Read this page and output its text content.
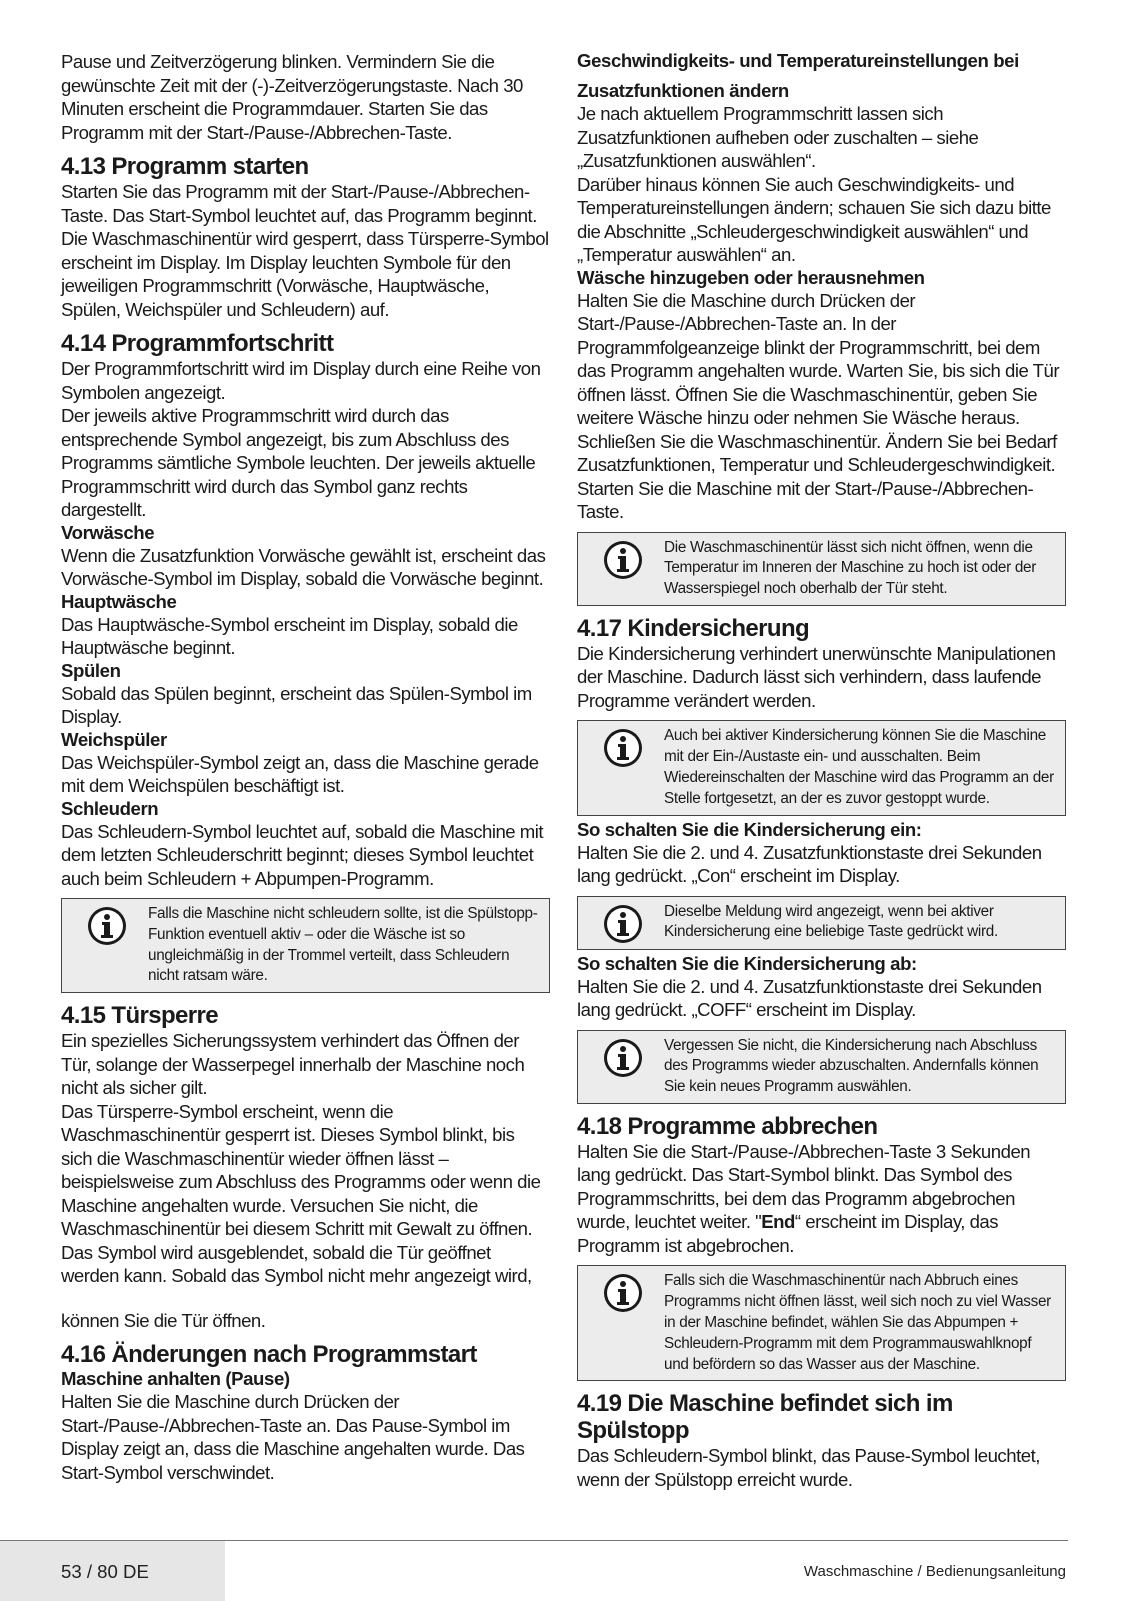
Pause und Zeitverzögerung blinken. Vermindern Sie die gewünschte Zeit mit der (-)-Zeitverzögerungstaste. Nach 30 Minuten erscheint die Programmdauer. Starten Sie das Programm mit der Start-/Pause-/Abbrechen-Taste.

4.13 Programm starten

Starten Sie das Programm mit der Start-/Pause-/Abbrechen-Taste. Das Start-Symbol leuchtet auf, das Programm beginnt. Die Waschmaschinentür wird gesperrt, dass Türsperre-Symbol erscheint im Display. Im Display leuchten Symbole für den jeweiligen Programmschritt (Vorwäsche, Hauptwäsche, Spülen, Weichspüler und Schleudern) auf.

4.14 Programmfortschritt

Der Programmfortschritt wird im Display durch eine Reihe von Symbolen angezeigt.

Der jeweils aktive Programmschritt wird durch das entsprechende Symbol angezeigt, bis zum Abschluss des Programms sämtliche Symbole leuchten. Der jeweils aktuelle Programmschritt wird durch das Symbol ganz rechts dargestellt.

Vorwäsche

Wenn die Zusatzfunktion Vorwäsche gewählt ist, erscheint das Vorwäsche-Symbol im Display, sobald die Vorwäsche beginnt.

Hauptwäsche

Das Hauptwäsche-Symbol erscheint im Display, sobald die Hauptwäsche beginnt.

Spülen

Sobald das Spülen beginnt, erscheint das Spülen-Symbol im Display.

Weichspüler

Das Weichspüler-Symbol zeigt an, dass die Maschine gerade mit dem Weichspülen beschäftigt ist.

Schleudern

Das Schleudern-Symbol leuchtet auf, sobald die Maschine mit dem letzten Schleuderschritt beginnt; dieses Symbol leuchtet auch beim Schleudern + Abpumpen-Programm.

Falls die Maschine nicht schleudern sollte, ist die Spülstopp-Funktion eventuell aktiv – oder die Wäsche ist so ungleichmäßig in der Trommel verteilt, dass Schleudern nicht ratsam wäre.
4.15 Türsperre

Ein spezielles Sicherungssystem verhindert das Öffnen der Tür, solange der Wasserpegel innerhalb der Maschine noch nicht als sicher gilt.

Das Türsperre-Symbol erscheint, wenn die Waschmaschinentür gesperrt ist. Dieses Symbol blinkt, bis sich die Waschmaschinentür wieder öffnen lässt – beispielsweise zum Abschluss des Programms oder wenn die Maschine angehalten wurde. Versuchen Sie nicht, die Waschmaschinentür bei diesem Schritt mit Gewalt zu öffnen. Das Symbol wird ausgeblendet, sobald die Tür geöffnet werden kann. Sobald das Symbol nicht mehr angezeigt wird,

können Sie die Tür öffnen.

4.16 Änderungen nach Programmstart
Maschine anhalten (Pause)

Halten Sie die Maschine durch Drücken der Start-/Pause-/Abbrechen-Taste an. Das Pause-Symbol im Display zeigt an, dass die Maschine angehalten wurde. Das Start-Symbol verschwindet.

Geschwindigkeits- und Temperatureinstellungen bei
Zusatzfunktionen ändern

Je nach aktuellem Programmschritt lassen sich Zusatzfunktionen aufheben oder zuschalten – siehe „Zusatzfunktionen auswählen“.

Darüber hinaus können Sie auch Geschwindigkeits- und Temperatureinstellungen ändern; schauen Sie sich dazu bitte die Abschnitte „Schleudergeschwindigkeit auswählen“ und „Temperatur auswählen“ an.

Wäsche hinzugeben oder herausnehmen

Halten Sie die Maschine durch Drücken der Start-/Pause-/Abbrechen-Taste an. In der Programmfolgeanzeige blinkt der Programmschritt, bei dem das Programm angehalten wurde. Warten Sie, bis sich die Tür öffnen lässt. Öffnen Sie die Waschmaschinentür, geben Sie weitere Wäsche hinzu oder nehmen Sie Wäsche heraus. Schließen Sie die Waschmaschinentür. Ändern Sie bei Bedarf Zusatzfunktionen, Temperatur und Schleudergeschwindigkeit. Starten Sie die Maschine mit der Start-/Pause-/Abbrechen-Taste.

Die Waschmaschinentür lässt sich nicht öffnen, wenn die Temperatur im Inneren der Maschine zu hoch ist oder der Wasserspiegel noch oberhalb der Tür steht.
4.17 Kindersicherung

Die Kindersicherung verhindert unerwünschte Manipulationen der Maschine. Dadurch lässt sich verhindern, dass laufende Programme verändert werden.

Auch bei aktiver Kindersicherung können Sie die Maschine mit der Ein-/Austaste ein- und ausschalten. Beim Wiedereinschalten der Maschine wird das Programm an der Stelle fortgesetzt, an der es zuvor gestoppt wurde.
So schalten Sie die Kindersicherung ein:

Halten Sie die 2. und 4. Zusatzfunktionstaste drei Sekunden lang gedrückt. „Con“ erscheint im Display.

Dieselbe Meldung wird angezeigt, wenn bei aktiver Kindersicherung eine beliebige Taste gedrückt wird.
So schalten Sie die Kindersicherung ab:

Halten Sie die 2. und 4. Zusatzfunktionstaste drei Sekunden lang gedrückt. „COFF“ erscheint im Display.

Vergessen Sie nicht, die Kindersicherung nach Abschluss des Programms wieder abzuschalten. Andernfalls können Sie kein neues Programm auswählen.
4.18 Programme abbrechen

Halten Sie die Start-/Pause-/Abbrechen-Taste 3 Sekunden lang gedrückt. Das Start-Symbol blinkt. Das Symbol des Programmschritts, bei dem das Programm abgebrochen wurde, leuchtet weiter. "End“ erscheint im Display, das Programm ist abgebrochen.

Falls sich die Waschmaschinentür nach Abbruch eines Programms nicht öffnen lässt, weil sich noch zu viel Wasser in der Maschine befindet, wählen Sie das Abpumpen + Schleudern-Programm mit dem Programmauswahlknopf und befördern so das Wasser aus der Maschine.
4.19 Die Maschine befindet sich im Spülstopp

Das Schleudern-Symbol blinkt, das Pause-Symbol leuchtet, wenn der Spülstopp erreicht wurde.

53 / 80 DE	Waschmaschine / Bedienungsanleitung
